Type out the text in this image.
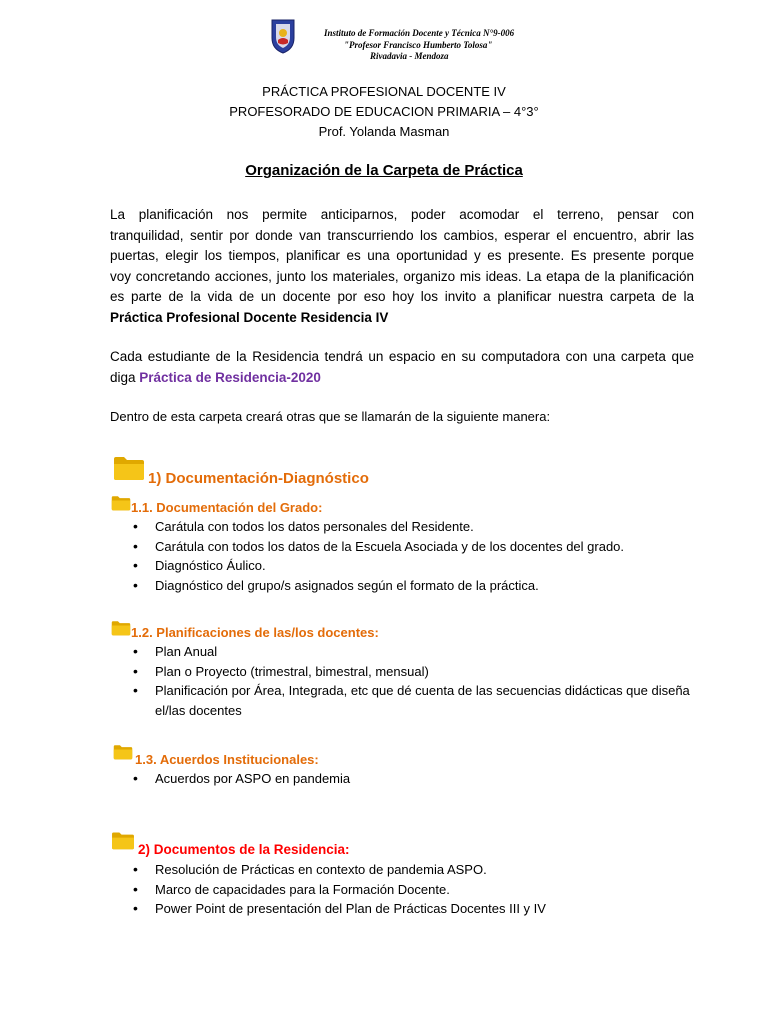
Instituto de Formación Docente y Técnica N°9-006
"Profesor Francisco Humberto Tolosa"
Rivadavia - Mendoza
PRÁCTICA PROFESIONAL DOCENTE IV
PROFESORADO DE EDUCACION PRIMARIA – 4°3°
Prof. Yolanda Masman
Organización de la Carpeta de Práctica
La planificación nos permite anticiparnos, poder acomodar el terreno, pensar con
tranquilidad, sentir por donde van transcurriendo los cambios, esperar el encuentro, abrir las
puertas, elegir los tiempos, planificar es una oportunidad y es presente. Es presente porque
voy concretando acciones, junto los materiales, organizo mis ideas. La etapa de la planificación
es parte de la vida de un docente por eso hoy los invito a planificar nuestra carpeta de la
Práctica Profesional Docente Residencia IV
Cada estudiante de la Residencia tendrá un espacio en su computadora con una carpeta que
diga Práctica de Residencia-2020
Dentro de esta carpeta creará otras que se llamarán de la siguiente manera:
1) Documentación-Diagnóstico
1.1. Documentación del Grado:
• Carátula con todos los datos personales del Residente.
• Carátula con todos los datos de la Escuela Asociada y de los docentes del grado.
• Diagnóstico Áulico.
• Diagnóstico del grupo/s asignados según el formato de la práctica.
1.2. Planificaciones de las/los docentes:
• Plan Anual
• Plan o Proyecto (trimestral, bimestral, mensual)
• Planificación por Área, Integrada, etc que dé cuenta de las secuencias didácticas que diseña
el/las docentes
1.3. Acuerdos Institucionales:
• Acuerdos por ASPO en pandemia
2) Documentos de la Residencia:
• Resolución de Prácticas en contexto de pandemia ASPO.
• Marco de capacidades para la Formación Docente.
• Power Point de presentación del Plan de Prácticas Docentes III y IV
